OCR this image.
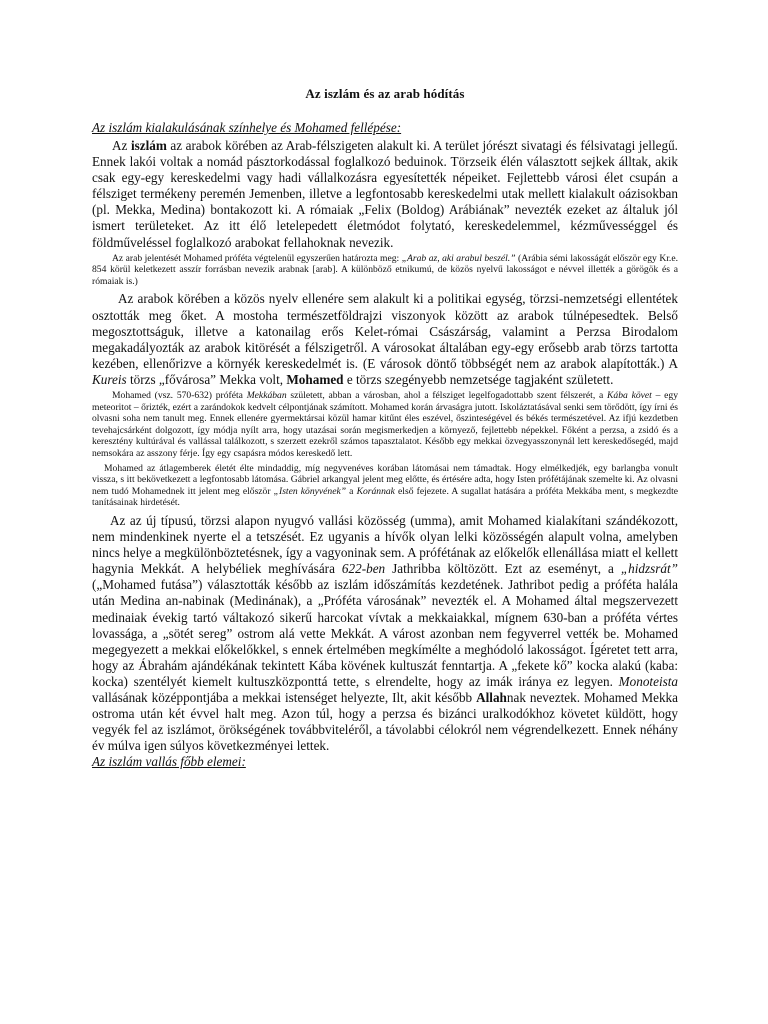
Az iszlám és az arab hódítás

Az iszlám kialakulásának színhelye és Mohamed fellépése:

Az iszlám az arabok körében az Arab-félszigeten alakult ki. A terület jórészt sivatagi és félsivatagi jellegű. Ennek lakói voltak a nomád pásztorkodással foglalkozó beduinok. Törzseik élén választott sejkek álltak, akik csak egy-egy kereskedelmi vagy hadi vállalkozásra egyesítették népeiket. Fejlettebb városi élet csupán a félsziget termékeny peremén Jemenben, illetve a legfontosabb kereskedelmi utak mellett kialakult oázisokban (pl. Mekka, Medina) bontakozott ki. A rómaiak „Felix (Boldog) Arábiának” nevezték ezeket az általuk jól ismert területeket. Az itt élő letelepedett életmódot folytató, kereskedelemmel, kézművességgel és földműveléssel foglalkozó arabokat fellahoknak nevezik.

Az arab jelentését Mohamed próféta végtelenül egyszerűen határozta meg: „Arab az, aki arabul beszél.” (Arábia sémi lakosságát először egy Kr.e. 854 körül keletkezett asszír forrásban nevezik arabnak [arab]. A különböző etnikumú, de közös nyelvű lakosságot e névvel illették a görögök és a rómaiak is.)

Az arabok körében a közös nyelv ellenére sem alakult ki a politikai egység, törzsi-nemzetségi ellentétek osztották meg őket. A mostoha természetföldrajzi viszonyok között az arabok túlnépesedtek. Belső megosztottságuk, illetve a katonailag erős Kelet-római Császárság, valamint a Perzsa Birodalom megakadályozták az arabok kitörését a félszigetről. A városokat általában egy-egy erősebb arab törzs tartotta kezében, ellenőrizve a környék kereskedelmét is. (E városok döntő többségét nem az arabok alapították.) A Kureis törzs „fővárosa” Mekka volt, Mohamed e törzs szegényebb nemzetsége tagjaként született.

Mohamed (vsz. 570-632) próféta Mekkában született, abban a városban, ahol a félsziget legelfogadottabb szent félszerét, a Kába követ – egy meteoritot – őrizték, ezért a zarándokok kedvelt célpontjának számított. Mohamed korán árvaságra jutott. Iskoláztatásával senki sem törődött, így írni és olvasni soha nem tanult meg. Ennek ellenére gyermektársai közül hamar kitűnt éles eszével, őszinteségével és békés természetével. Az ifjú kezdetben tevehajcsárként dolgozott, így módja nyílt arra, hogy utazásai során megismerkedjen a környező, fejlettebb népekkel. Főként a perzsa, a zsidó és a keresztény kultúrával és vallással találkozott, s szerzett ezekről számos tapasztalatot. Később egy mekkai özvegyasszonynál lett kereskedősegéd, majd nemsokára az asszony férje. Így egy csapásra módos kereskedő lett.

Mohamed az átlagemberek életét élte mindaddig, míg negyvenéves korában látomásai nem támadtak. Hogy elmélkedjék, egy barlangba vonult vissza, s itt bekövetkezett a legfontosabb látomása. Gábriel arkangyal jelent meg előtte, és értésére adta, hogy Isten prófétájának szemelte ki. Az olvasni nem tudó Mohamednek itt jelent meg először „Isten könyvének” a Koránnak első fejezete. A sugallat hatására a próféta Mekkába ment, s megkezdte tanításainak hirdetését.

Az az új típusú, törzsi alapon nyugvó vallási közösség (umma), amit Mohamed kialakítani szándékozott, nem mindenkinek nyerte el a tetszését. Ez ugyanis a hívők olyan lelki közösségén alapult volna, amelyben nincs helye a megkülönböztetésnek, így a vagyoninak sem. A prófétának az előkelők ellenállása miatt el kellett hagynia Mekkát. A helybéliek meghívására 622-ben Jathribba költözött. Ezt az eseményt, a „hidzsrát” („Mohamed futása”) választották később az iszlám időszámítás kezdetének. Jathribot pedig a próféta halála után Medina an-nabinak (Medinának), a „Próféta városának” nevezték el. A Mohamed által megszervezett medinaiak évekig tartó váltakozó sikerű harcokat vívtak a mekkaiakkal, mígnem 630-ban a próféta vértes lovassága, a „sötét sereg” ostrom alá vette Mekkát. A várost azonban nem fegyverrel vették be. Mohamed megegyezett a mekkai előkelőkkel, s ennek értelmében megkímélte a meghódoló lakosságot. Ígéretet tett arra, hogy az Ábrahám ajándékának tekintett Kába kövének kultuszát fenntartja. A „fekete kő” kocka alakú (kaba: kocka) szentélyét kiemelt kultuszközponttá tette, s elrendelte, hogy az imák iránya ez legyen. Monoteista vallásának középpontjába a mekkai istenséget helyezte, Ilt, akit később Allahnak neveztek. Mohamed Mekka ostroma után két évvel halt meg. Azon túl, hogy a perzsa és bizánci uralkodókhoz követet küldött, hogy vegyék fel az iszlámot, örökségének továbbviteléről, a távolabbi célokról nem végrendelkezett. Ennek néhány év múlva igen súlyos következményei lettek.

Az iszlám vallás főbb elemei:
